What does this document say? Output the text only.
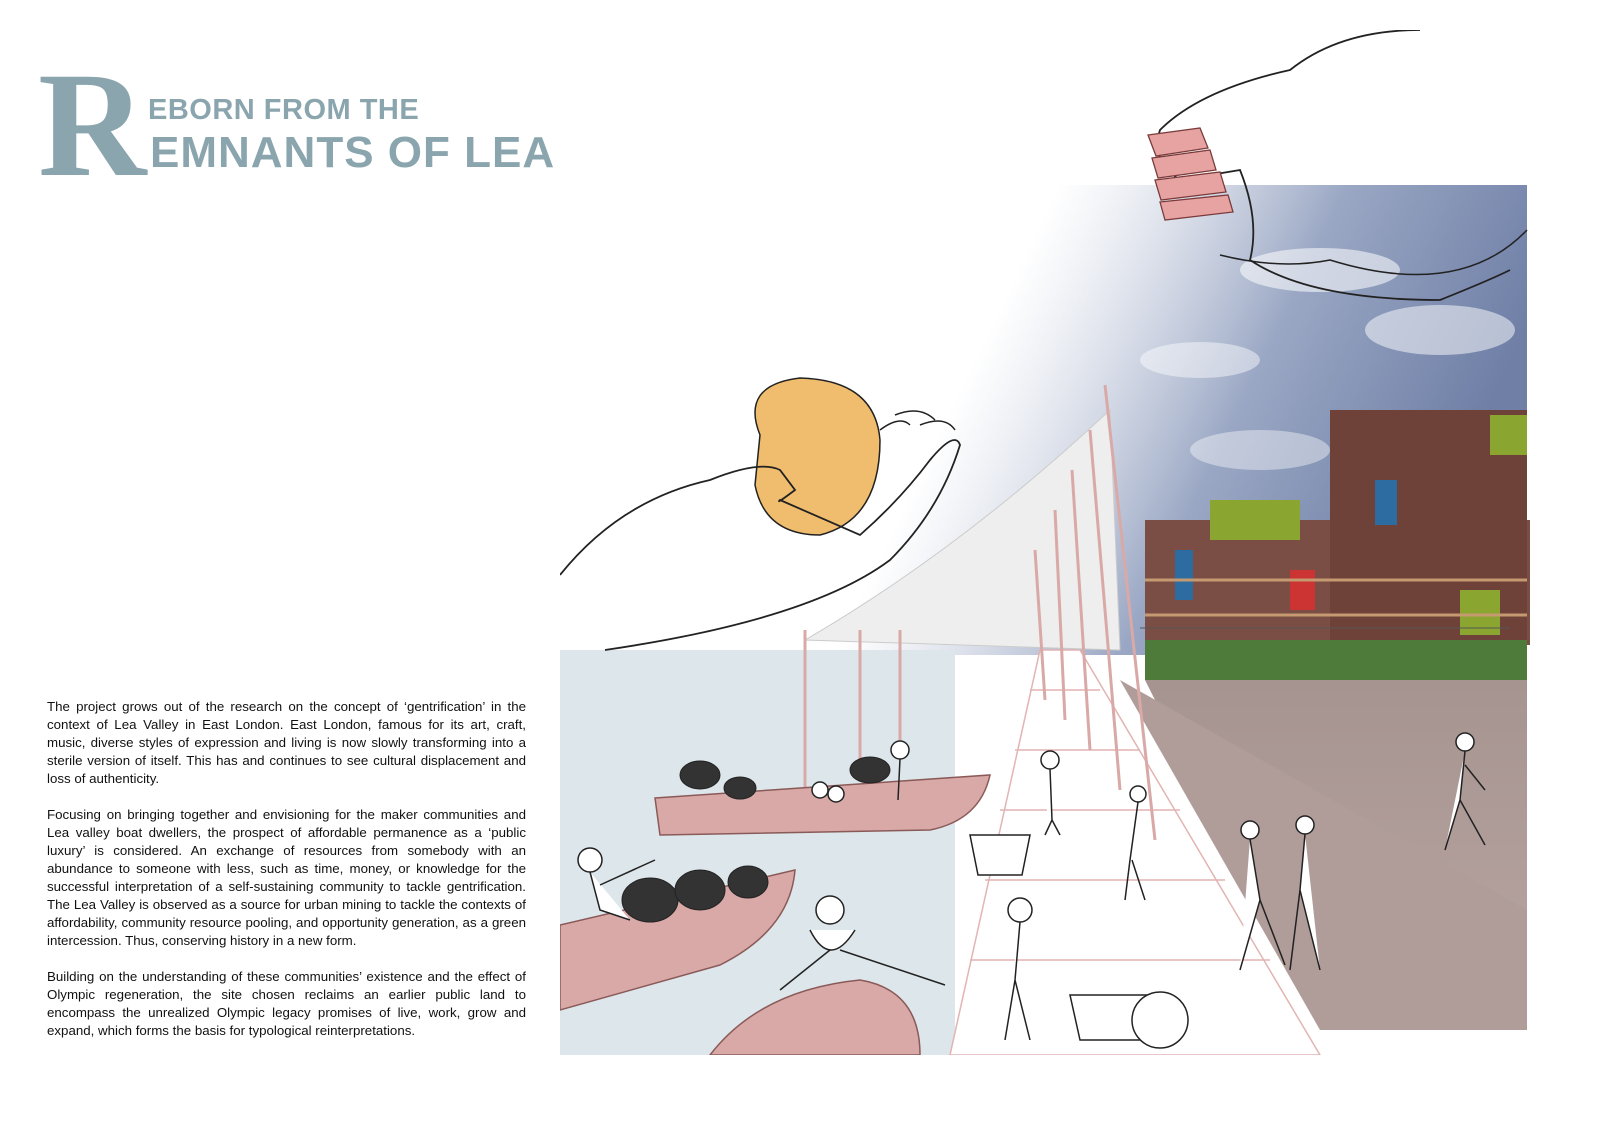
R EBORN FROM THE
EMNANTS OF LEA

The project grows out of the research on the concept of ‘gentrification’ in the context of Lea Valley in East London. East London, famous for its art, craft, music, diverse styles of expression and living is now slowly transforming into a sterile version of itself. This has and continues to see cultural displacement and loss of authenticity.

Focusing on bringing together and envisioning for the maker communities and Lea valley boat dwellers, the prospect of affordable permanence as a ‘public luxury’ is considered. An exchange of resources from somebody with an abundance to someone with less, such as time, money, or knowledge for the successful interpretation of a self-sustaining community to tackle gentrification. The Lea Valley is observed as a source for urban mining to tackle the contexts of affordability, community resource pooling, and opportunity generation, as a green intercession. Thus, conserving history in a new form.

Building on the understanding of these communities’ existence and the effect of Olympic regeneration, the site chosen reclaims an earlier public land to encompass the unrealized Olympic legacy promises of live, work, grow and expand, which forms the basis for typological reinterpretations.
